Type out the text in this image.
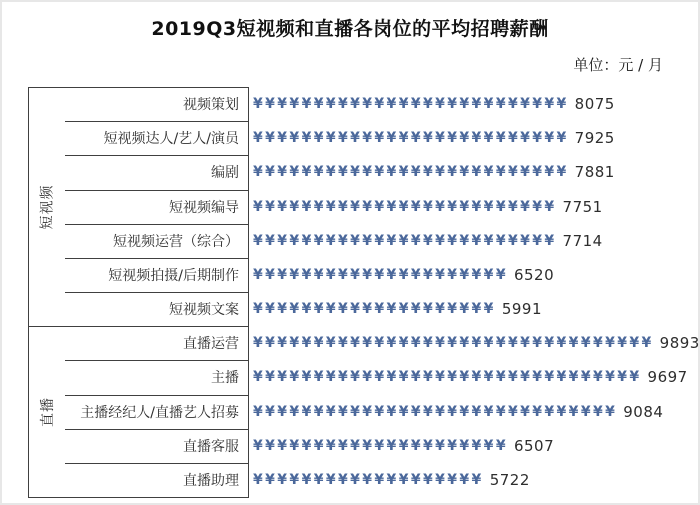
2019Q3短视频和直播各岗位的平均招聘薪酬
单位：元 / 月
短视频
视频策划	¥¥¥¥¥¥¥¥¥¥¥¥¥¥¥¥¥¥¥¥¥¥¥¥¥¥ 8075
短视频达人/艺人/演员	¥¥¥¥¥¥¥¥¥¥¥¥¥¥¥¥¥¥¥¥¥¥¥¥¥¥ 7925
编剧	¥¥¥¥¥¥¥¥¥¥¥¥¥¥¥¥¥¥¥¥¥¥¥¥¥¥ 7881
短视频编导	¥¥¥¥¥¥¥¥¥¥¥¥¥¥¥¥¥¥¥¥¥¥¥¥¥ 7751
短视频运营（综合）	¥¥¥¥¥¥¥¥¥¥¥¥¥¥¥¥¥¥¥¥¥¥¥¥¥ 7714
短视频拍摄/后期制作	¥¥¥¥¥¥¥¥¥¥¥¥¥¥¥¥¥¥¥¥¥ 6520
短视频文案	¥¥¥¥¥¥¥¥¥¥¥¥¥¥¥¥¥¥¥¥ 5991
直播
直播运营	¥¥¥¥¥¥¥¥¥¥¥¥¥¥¥¥¥¥¥¥¥¥¥¥¥¥¥¥¥¥¥¥¥ 9893
主播	¥¥¥¥¥¥¥¥¥¥¥¥¥¥¥¥¥¥¥¥¥¥¥¥¥¥¥¥¥¥¥¥ 9697
主播经纪人/直播艺人招募	¥¥¥¥¥¥¥¥¥¥¥¥¥¥¥¥¥¥¥¥¥¥¥¥¥¥¥¥¥¥ 9084
直播客服	¥¥¥¥¥¥¥¥¥¥¥¥¥¥¥¥¥¥¥¥¥ 6507
直播助理	¥¥¥¥¥¥¥¥¥¥¥¥¥¥¥¥¥¥¥ 5722
